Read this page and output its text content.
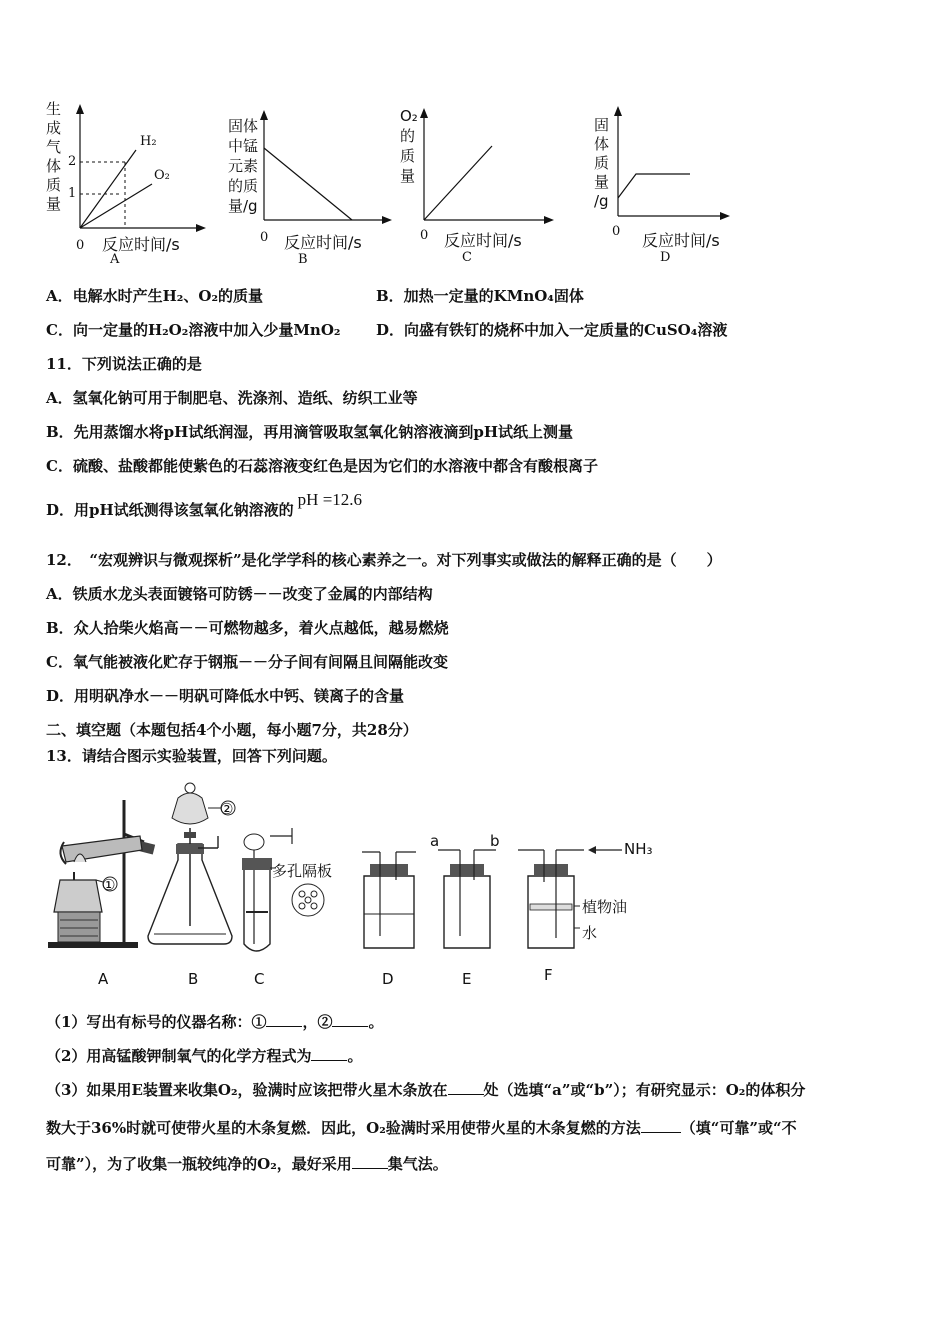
生
成
气
体
质
量
2
1
H₂
O₂
0 反应时间/s
A
固体
中锰
元素
的质
量/g
0 反应时间/s
B
O₂
的
质
量
0 反应时间/s
C
固
体
质
量
/g
0 反应时间/s
D
A．电解水时产生H₂、O₂的质量	B．加热一定量的KMnO₄固体
C．向一定量的H₂O₂溶液中加入少量MnO₂ D．向盛有铁钉的烧杯中加入一定质量的CuSO₄溶液
11．下列说法正确的是
A．氢氧化钠可用于制肥皂、洗涤剂、造纸、纺织工业等
B．先用蒸馏水将pH试纸润湿，再用滴管吸取氢氧化钠溶液滴到pH试纸上测量
C．硫酸、盐酸都能使紫色的石蕊溶液变红色是因为它们的水溶液中都含有酸根离子
D．用pH试纸测得该氢氧化钠溶液的pH =12.6
12．　“宏观辨识与微观探析”是化学学科的核心素养之一。对下列事实或做法的解释正确的是（　　）
A．铁质水龙头表面镀铬可防锈－－改变了金属的内部结构
B．众人拾柴火焰高－－可燃物越多，着火点越低，越易燃烧
C．氧气能被液化贮存于钢瓶－－分子间有间隔且间隔能改变
D．用明矾净水－－明矾可降低水中钙、镁离子的含量
二、填空题（本题包括4个小题，每小题7分，共28分）
13．请结合图示实验装置，回答下列问题。
①
②
多孔隔板
a	b	NH₃
植物油
水
A	B	C	D	E	F
（1）写出有标号的仪器名称：① ，② 。
（2）用高锰酸钾制氧气的化学方程式为 。
（3）如果用E装置来收集O₂，验满时应该把带火星木条放在 处（选填“a”或“b”）；有研究显示：O₂的体积分
数大于36%时就可使带火星的木条复燃．因此，O₂验满时采用使带火星的木条复燃的方法	（填“可靠”或“不
可靠”），为了收集一瓶较纯净的O₂，最好采用 集气法。
